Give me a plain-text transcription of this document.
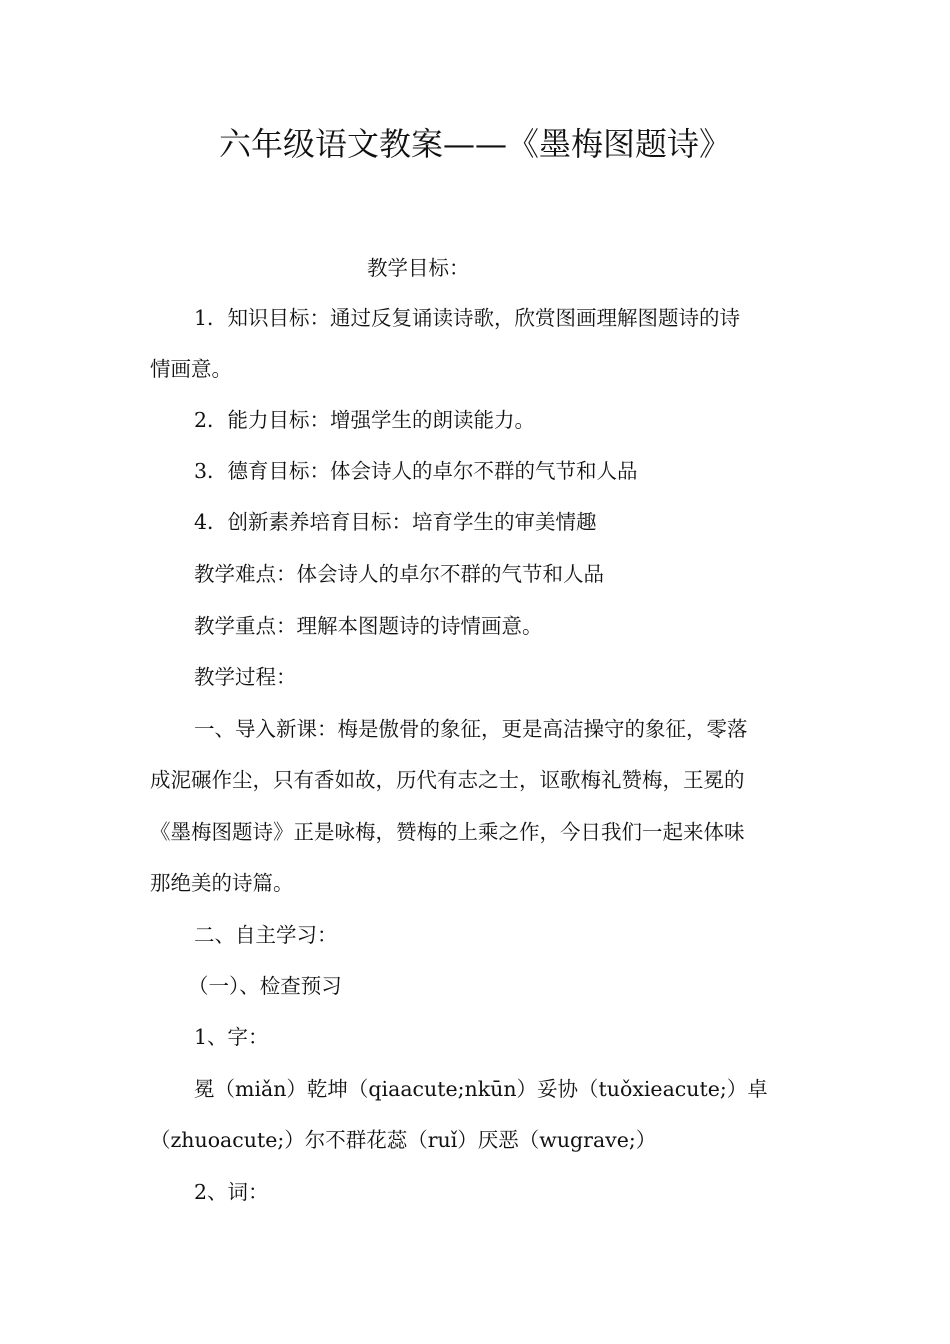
六年级语文教案——《墨梅图题诗》
教学目标：
1．知识目标：通过反复诵读诗歌，欣赏图画理解图题诗的诗
情画意。
2．能力目标：增强学生的朗读能力。
3．德育目标：体会诗人的卓尔不群的气节和人品
4．创新素养培育目标：培育学生的审美情趣
教学难点：体会诗人的卓尔不群的气节和人品
教学重点：理解本图题诗的诗情画意。
教学过程：
一、导入新课：梅是傲骨的象征，更是高洁操守的象征，零落
成泥碾作尘，只有香如故，历代有志之士，讴歌梅礼赞梅，王冕的
《墨梅图题诗》正是咏梅，赞梅的上乘之作，今日我们一起来体味
那绝美的诗篇。
二、自主学习：
（一）、检查预习
1、字：
冕（miǎn）乾坤（qiaacute;nkūn）妥协（tuǒxieacute;）卓
（zhuoacute;）尔不群花蕊（ruǐ）厌恶（wugrave;）
2、词：
